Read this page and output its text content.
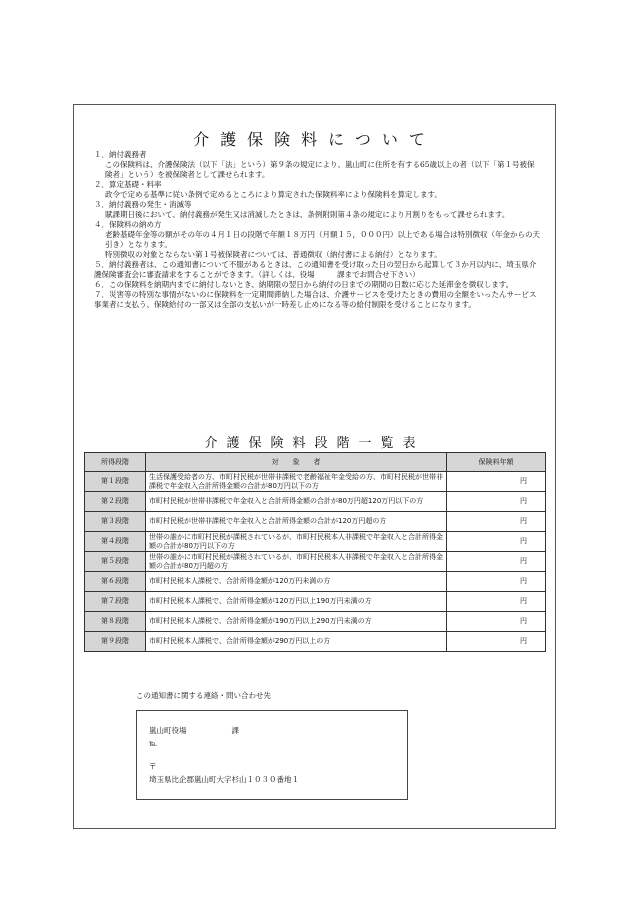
介護保険料について

１．納付義務者

この保険料は、介護保険法（以下「法」という）第９条の規定により、嵐山町に住所を有する65歳以上の者（以下「第１号被保険者」という）を被保険者として課せられます。

２．算定基礎・料率

政令で定める基準に従い条例で定めるところにより算定された保険料率により保険料を算定します。

３．納付義務の発生・消滅等

賦課期日後において、納付義務が発生又は消滅したときは、条例附則第４条の規定により月割りをもって課せられます。

４．保険料の納め方

老齢基礎年金等の額がその年の４月１日の段階で年額１８万円（月額１５，０００円）以上である場合は特別徴収（年金からの天引き）となります。

特別徴収の対象とならない第１号被保険者については、普通徴収（納付書による納付）となります。

５．納付義務者は、この通知書について不服があるときは、この通知書を受け取った日の翌日から起算して３か月以内に、埼玉県介護保険審査会に審査請求をすることができます。（詳しくは、役場　　　課までお問合せ下さい）

６．この保険料を納期内までに納付しないとき、納期限の翌日から納付の日までの期間の日数に応じた延滞金を徴収します。

７．災害等の特別な事情がないのに保険料を一定期間滞納した場合は、介護サービスを受けたときの費用の全額をいったんサービス事業者に支払う、保険給付の一部又は全部の支払いが一時差し止めになる等の給付制限を受けることになります。

介護保険料段階一覧表
所得段階	対　　象　　者	保険料年額
第１段階	生活保護受給者の方、市町村民税が世帯非課税で老齢福祉年金受給の方、市町村民税が世帯非課税で年金収入合計所得金額の合計が80万円以下の方	円
第２段階	市町村民税が世帯非課税で年金収入と合計所得金額の合計が80万円超120万円以下の方	円
第３段階	市町村民税が世帯非課税で年金収入と合計所得金額の合計が120万円超の方	円
第４段階	世帯の誰かに市町村民税が課税されているが、市町村民税本人非課税で年金収入と合計所得金額の合計が80万円以下の方	円
第５段階	世帯の誰かに市町村民税が課税されているが、市町村民税本人非課税で年金収入と合計所得金額の合計が80万円超の方	円
第６段階	市町村民税本人課税で、合計所得金額が120万円未満の方	円
第７段階	市町村民税本人課税で、合計所得金額が120万円以上190万円未満の方	円
第８段階	市町村民税本人課税で、合計所得金額が190万円以上290万円未満の方	円
第９段階	市町村民税本人課税で、合計所得金額が290万円以上の方	円
この通知書に関する連絡・問い合わせ先
嵐山町役場　　　　　　課
℡
〒
埼玉県比企郡嵐山町大字杉山１０３０番地１
